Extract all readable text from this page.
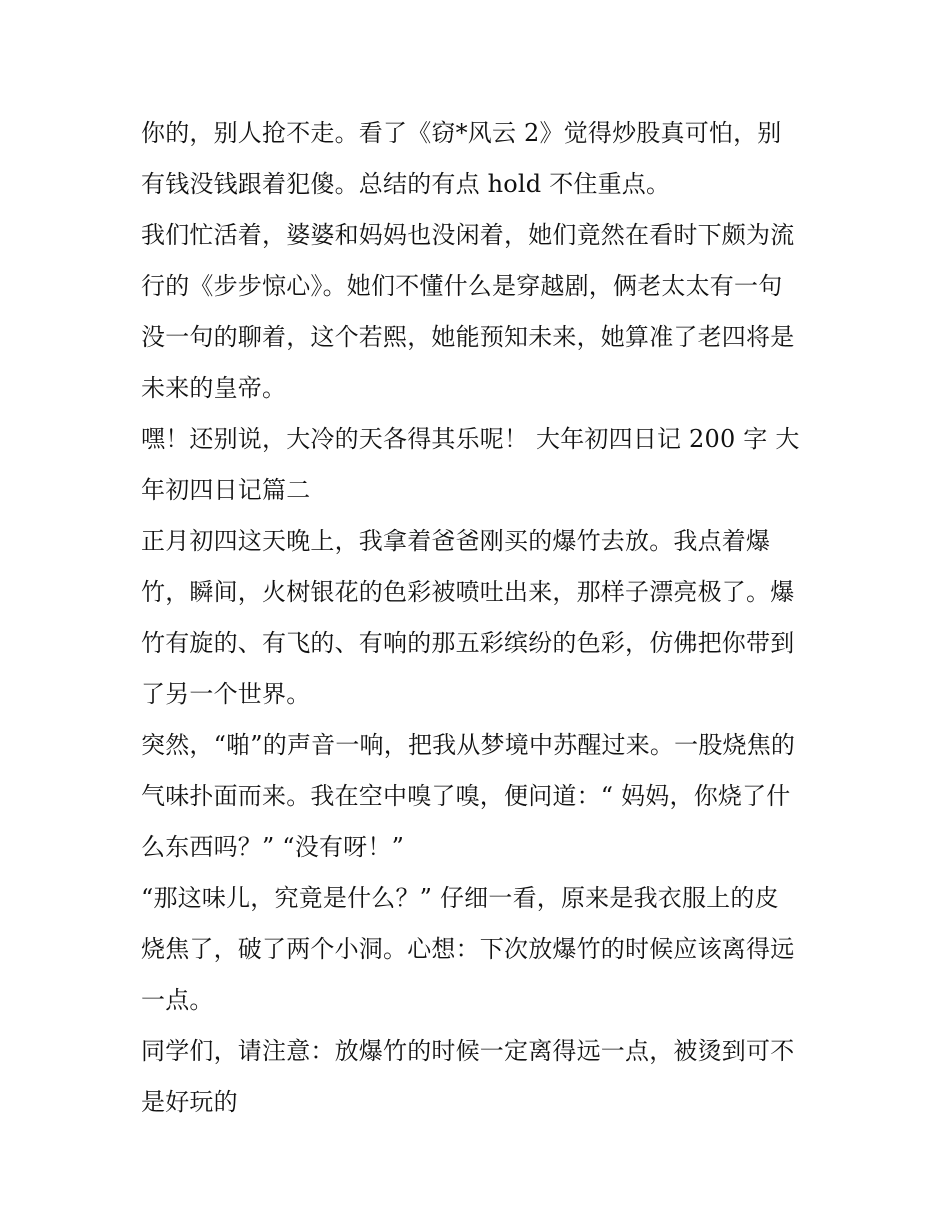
你的，别人抢不走。看了《窃*风云 2》觉得炒股真可怕，别
有钱没钱跟着犯傻。总结的有点 hold 不住重点。

我们忙活着，婆婆和妈妈也没闲着，她们竟然在看时下颇为流
行的《步步惊心》。她们不懂什么是穿越剧，俩老太太有一句
没一句的聊着，这个若熙，她能预知未来，她算准了老四将是
未来的皇帝。

嘿！还别说，大冷的天各得其乐呢！ 大年初四日记 200 字 大
年初四日记篇二

正月初四这天晚上，我拿着爸爸刚买的爆竹去放。我点着爆
竹，瞬间，火树银花的色彩被喷吐出来，那样子漂亮极了。爆
竹有旋的、有飞的、有响的那五彩缤纷的色彩，仿佛把你带到
了另一个世界。

突然，“啪”的声音一响，把我从梦境中苏醒过来。一股烧焦的
气味扑面而来。我在空中嗅了嗅，便问道：“ 妈妈，你烧了什
么东西吗？” “没有呀！”

“那这味儿，究竟是什么？” 仔细一看，原来是我衣服上的皮
烧焦了，破了两个小洞。心想：下次放爆竹的时候应该离得远
一点。

同学们，请注意：放爆竹的时候一定离得远一点，被烫到可不
是好玩的
